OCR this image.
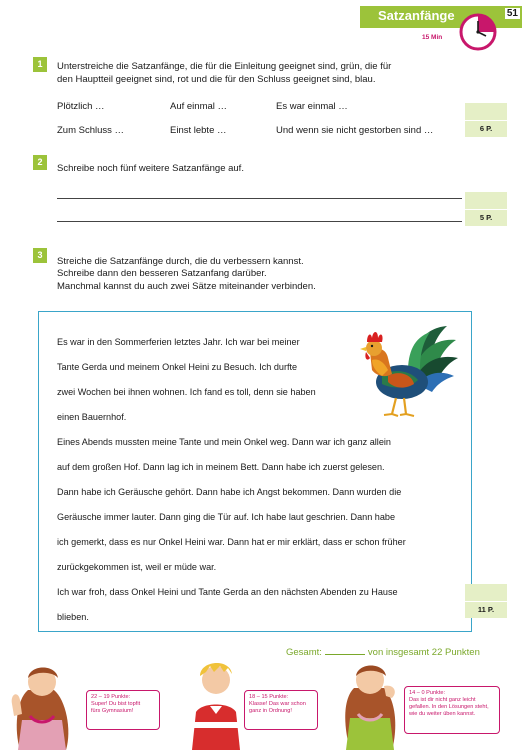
Satzanfänge	51
15 Min
1	Unterstreiche die Satzanfänge, die für die Einleitung geeignet sind, grün, die für
den Hauptteil geeignet sind, rot und die für den Schluss geeignet sind, blau.
Plötzlich …	Auf einmal …	Es war einmal …
Zum Schluss …	Einst lebte …	Und wenn sie nicht gestorben sind …	6 P.
2
Schreibe noch fünf weitere Satzanfänge auf.
5 P.
3
Streiche die Satzanfänge durch, die du verbessern kannst.
Schreibe dann den besseren Satzanfang darüber.
Manchmal kannst du auch zwei Sätze miteinander verbinden.
Es war in den Sommerferien letztes Jahr. Ich war bei meiner
Tante Gerda und meinem Onkel Heini zu Besuch. Ich durfte
zwei Wochen bei ihnen wohnen. Ich fand es toll, denn sie haben
einen Bauernhof.
Eines Abends mussten meine Tante und mein Onkel weg. Dann war ich ganz allein
auf dem großen Hof. Dann lag ich in meinem Bett. Dann habe ich zuerst gelesen.
Dann habe ich Geräusche gehört. Dann habe ich Angst bekommen. Dann wurden die
Geräusche immer lauter. Dann ging die Tür auf. Ich habe laut geschrien. Dann habe
ich gemerkt, dass es nur Onkel Heini war. Dann hat er mir erklärt, dass er schon früher
zurückgekommen ist, weil er müde war.
Ich war froh, dass Onkel Heini und Tante Gerda an den nächsten Abenden zu Hause
blieben.
11 P.
Gesamt:	von insgesamt 22 Punkten
22 – 19 Punkte:
Super! Du bist topfit
fürs Gymnasium!
18 – 15 Punkte:
Klasse! Das war schon
ganz in Ordnung!
14 – 0 Punkte:
Das ist dir nicht ganz leicht
gefallen. In den Lösungen steht,
wie du weiter üben kannst.
